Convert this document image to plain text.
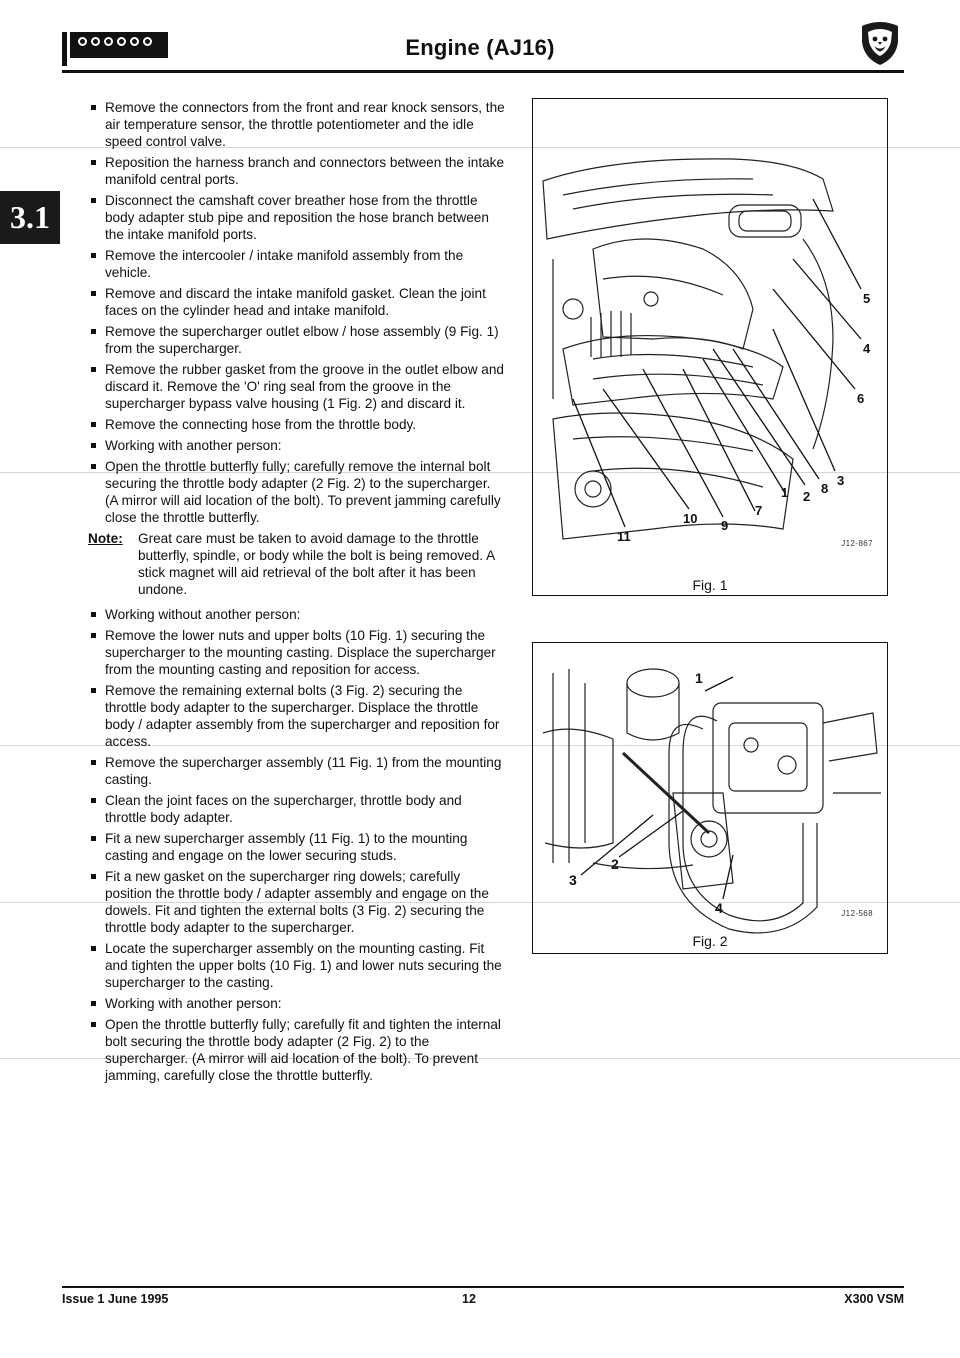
Engine (AJ16)
3.1
Remove the connectors from the front and rear knock sensors, the air temperature sensor, the throttle potentiometer and the idle speed control valve.
Reposition the harness branch and connectors between the intake manifold central ports.
Disconnect the camshaft cover breather hose from the throttle body adapter stub pipe and reposition the hose branch between the intake manifold ports.
Remove the intercooler / intake manifold assembly from the vehicle.
Remove and discard the intake manifold gasket. Clean the joint faces on the cylinder head and intake manifold.
Remove the supercharger outlet elbow / hose assembly (9 Fig. 1) from the supercharger.
Remove the rubber gasket from the groove in the outlet elbow and discard it. Remove the 'O' ring seal from the groove in the supercharger bypass valve housing (1 Fig. 2) and discard it.
Remove the connecting hose from the throttle body.
Working with another person:
Open the throttle butterfly fully; carefully remove the internal bolt securing the throttle body adapter (2 Fig. 2) to the supercharger. (A mirror will aid location of the bolt). To prevent jamming carefully close the throttle butterfly.
Note:	Great care must be taken to avoid damage to the throttle butterfly, spindle, or body while the bolt is being removed. A stick magnet will aid retrieval of the bolt after it has been undone.
Working without another person:
Remove the lower nuts and upper bolts (10 Fig. 1) securing the supercharger to the mounting casting. Displace the supercharger from the mounting casting and reposition for access.
Remove the remaining external bolts (3 Fig. 2) securing the throttle body adapter to the supercharger. Displace the throttle body / adapter assembly from the supercharger and reposition for access.
Remove the supercharger assembly (11 Fig. 1) from the mounting casting.
Clean the joint faces on the supercharger, throttle body and throttle body adapter.
Fit a new supercharger assembly (11 Fig. 1) to the mounting casting and engage on the lower securing studs.
Fit a new gasket on the supercharger ring dowels; carefully position the throttle body / adapter assembly and engage on the dowels. Fit and tighten the external bolts (3 Fig. 2) securing the throttle body adapter to the supercharger.
Locate the supercharger assembly on the mounting casting. Fit and tighten the upper bolts (10 Fig. 1) and lower nuts securing the supercharger to the casting.
Working with another person:
Open the throttle butterfly fully; carefully fit and tighten the internal bolt securing the throttle body adapter (2 Fig. 2) to the supercharger. (A mirror will aid location of the bolt). To prevent jamming, carefully close the throttle butterfly.
5
4
6
3
8
2
1
7
9
10
11	J12-867
Fig. 1
1
3
2
4	J12-568
Fig. 2
Issue 1 June 1995	12	X300 VSM
